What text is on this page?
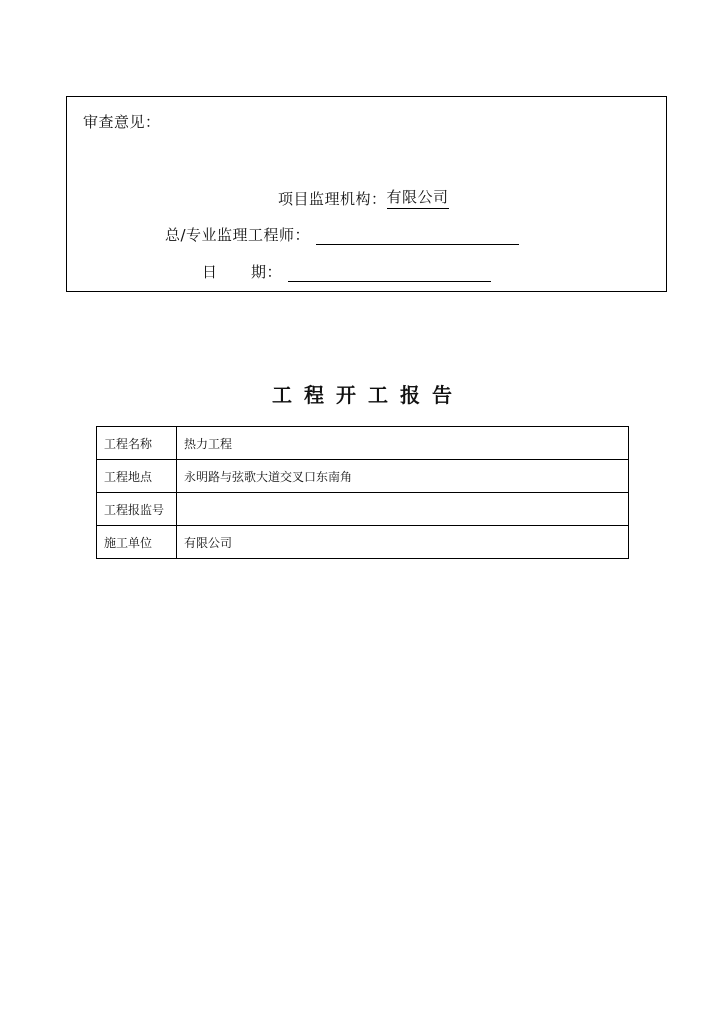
审查意见：
项目监理机构： 有限公司
总/专业监理工程师：
日 期：
工程开工报告
工程名称	热力工程
工程地点	永明路与弦歌大道交叉口东南角
工程报监号	
施工单位	有限公司
